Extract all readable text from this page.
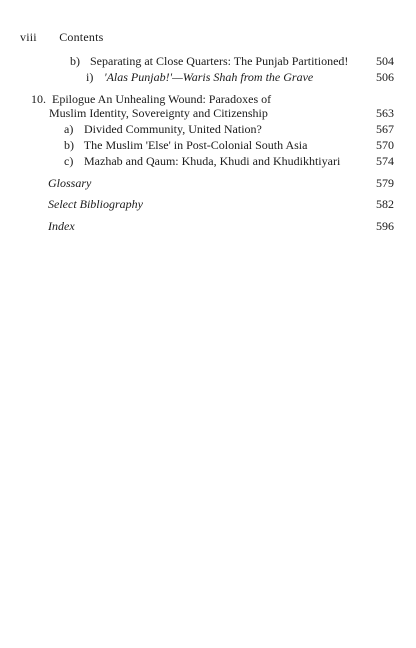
viii Contents
b) Separating at Close Quarters: The Punjab Partitioned! 504
i) 'Alas Punjab!'—Waris Shah from the Grave	506
10. Epilogue An Unhealing Wound: Paradoxes of
Muslim Identity, Sovereignty and Citizenship	563
a) Divided Community, United Nation?	567
b) The Muslim 'Else' in Post-Colonial South Asia	570
c) Mazhab and Qaum: Khuda, Khudi and Khudikhtiyari	574
Glossary	579
Select Bibliography	582
Index	596
